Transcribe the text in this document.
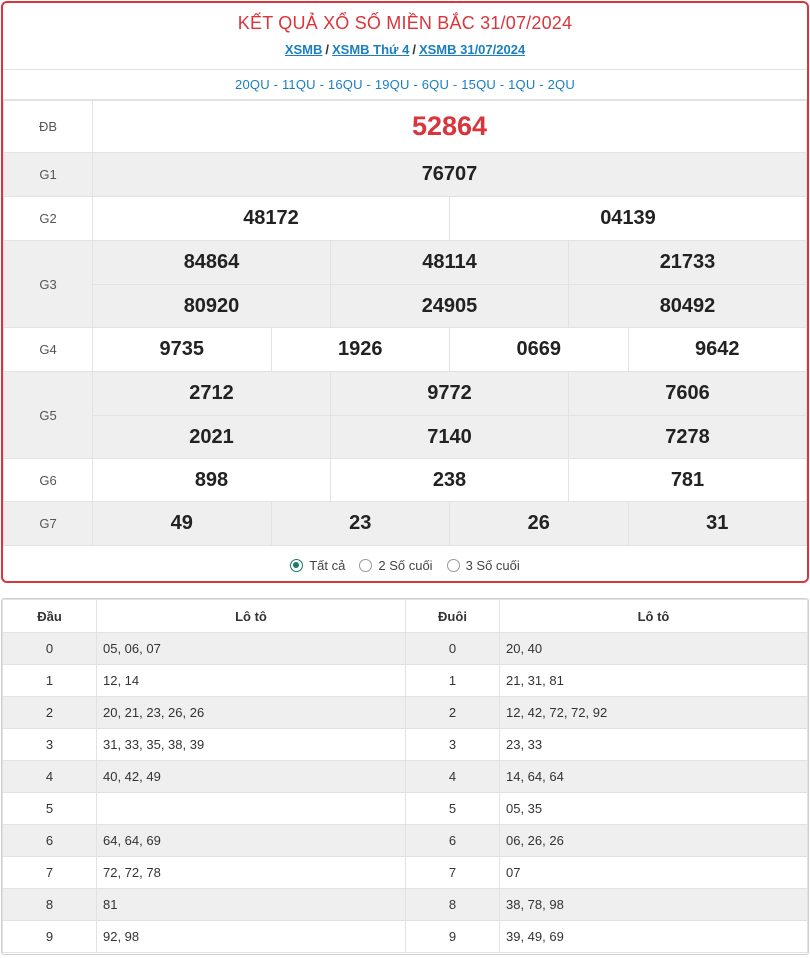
KẾT QUẢ XỔ SỐ MIỀN BẮC 31/07/2024
XSMB / XSMB Thứ 4 / XSMB 31/07/2024
20QU - 11QU - 16QU - 19QU - 6QU - 15QU - 1QU - 2QU
ĐB	52864					
G1	76707					
G2	48172			04139		
G3	84864		48114		21733	
	80920		24905		80492	
G4	9735	1926		0669		9642
G5	2712		9772		7606	
	2021		7140		7278	
G6	898		238		781	
G7	49	23		26		31
Tất cả	2 Số cuối	3 Số cuối
Đầu	Lô tô	Đuôi	Lô tô
0	05, 06, 07	0	20, 40
1	12, 14	1	21, 31, 81
2	20, 21, 23, 26, 26	2	12, 42, 72, 72, 92
3	31, 33, 35, 38, 39	3	23, 33
4	40, 42, 49	4	14, 64, 64
5		5	05, 35
6	64, 64, 69	6	06, 26, 26
7	72, 72, 78	7	07
8	81	8	38, 78, 98
9	92, 98	9	39, 49, 69
